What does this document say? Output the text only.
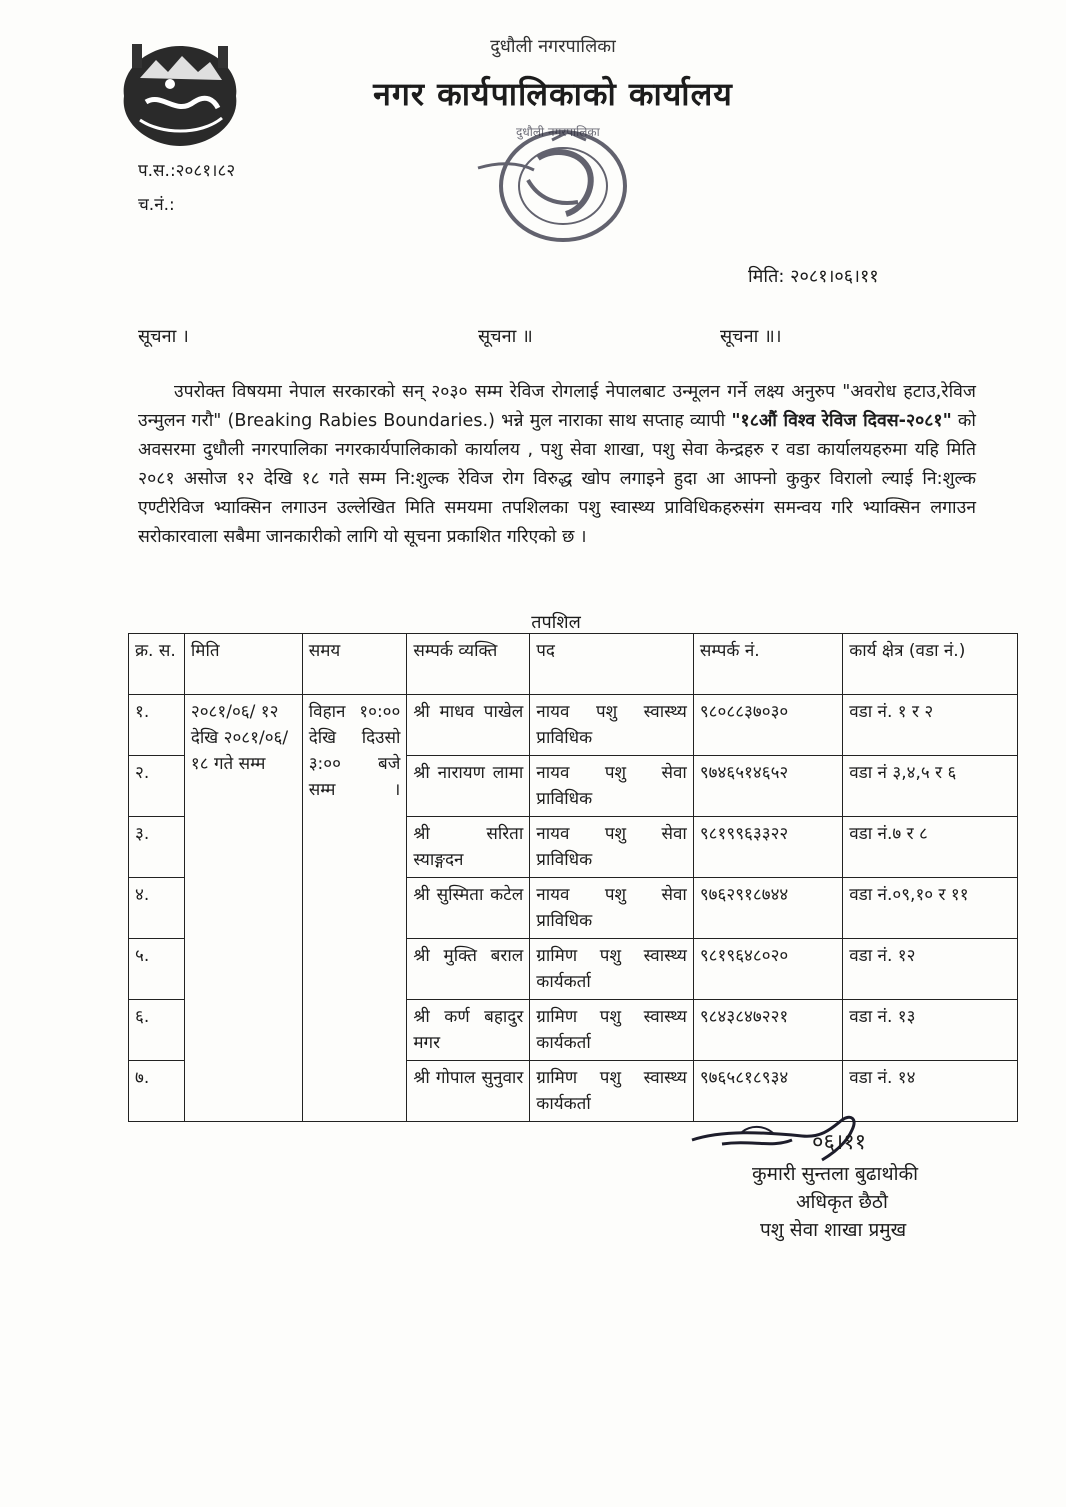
दुधौली नगरपालिका
नगर कार्यपालिकाको कार्यालय
दुधौली नगरपालिका
प.स.:२०८१।८२
च.नं.:
मिति: २०८१।०६।११
सूचना ।	सूचना ॥	सूचना ॥।

उपरोक्त विषयमा नेपाल सरकारको सन् २०३० सम्म रेविज रोगलाई नेपालबाट उन्मूलन गर्ने लक्ष्य अनुरुप "अवरोध हटाउ,रेविज उन्मुलन गरौ" (Breaking Rabies Boundaries.) भन्ने मुल नाराका साथ सप्ताह व्यापी "१८औं विश्व रेविज दिवस-२०८१" को अवसरमा दुधौली नगरपालिका नगरकार्यपालिकाको कार्यालय , पशु सेवा शाखा, पशु सेवा केन्द्रहरु र वडा कार्यालयहरुमा यहि मिति २०८१ असोज १२ देखि १८ गते सम्म नि:शुल्क रेविज रोग विरुद्ध खोप लगाइने हुदा आ आफ्नो कुकुर विरालो ल्याई नि:शुल्क एण्टीरेविज भ्याक्सिन लगाउन उल्लेखित मिति समयमा तपशिलका पशु स्वास्थ्य प्राविधिकहरुसंग समन्वय गरि भ्याक्सिन लगाउन सरोकारवाला सबैमा जानकारीको लागि यो सूचना प्रकाशित गरिएको छ ।

तपशिल
क्र. स.	मिति	समय	सम्पर्क व्यक्ति	पद	सम्पर्क नं.	कार्य क्षेत्र (वडा नं.)
१.	२०८१/०६/ १२ देखि २०८१/०६/ १८ गते सम्म	विहान १०:०० देखि दिउसो ३:०० बजे सम्म ।	श्री माधव पाखेल	नायव पशु स्वास्थ्य प्राविधिक	९८०८८३७०३०	वडा नं. १ र २
२.			श्री नारायण लामा	नायव पशु सेवा प्राविधिक	९७४६५१४६५२	वडा नं ३,४,५ र ६
३.			श्री सरिता स्याङ्गदन	नायव पशु सेवा प्राविधिक	९८१९९६३३२२	वडा नं.७ र ८
४.			श्री सुस्मिता कटेल	नायव पशु सेवा प्राविधिक	९७६२९१८७४४	वडा नं.०९,१० र ११
५.			श्री मुक्ति बराल	ग्रामिण पशु स्वास्थ्य कार्यकर्ता	९८१९६४८०२०	वडा नं. १२
६.			श्री कर्ण बहादुर मगर	ग्रामिण पशु स्वास्थ्य कार्यकर्ता	९८४३८४७२२१	वडा नं. १३
७.			श्री गोपाल सुनुवार	ग्रामिण पशु स्वास्थ्य कार्यकर्ता	९७६५८१८९३४	वडा नं. १४
०६।११
कुमारी सुन्तला बुढाथोकी
अधिकृत छैठौ
पशु सेवा शाखा प्रमुख
